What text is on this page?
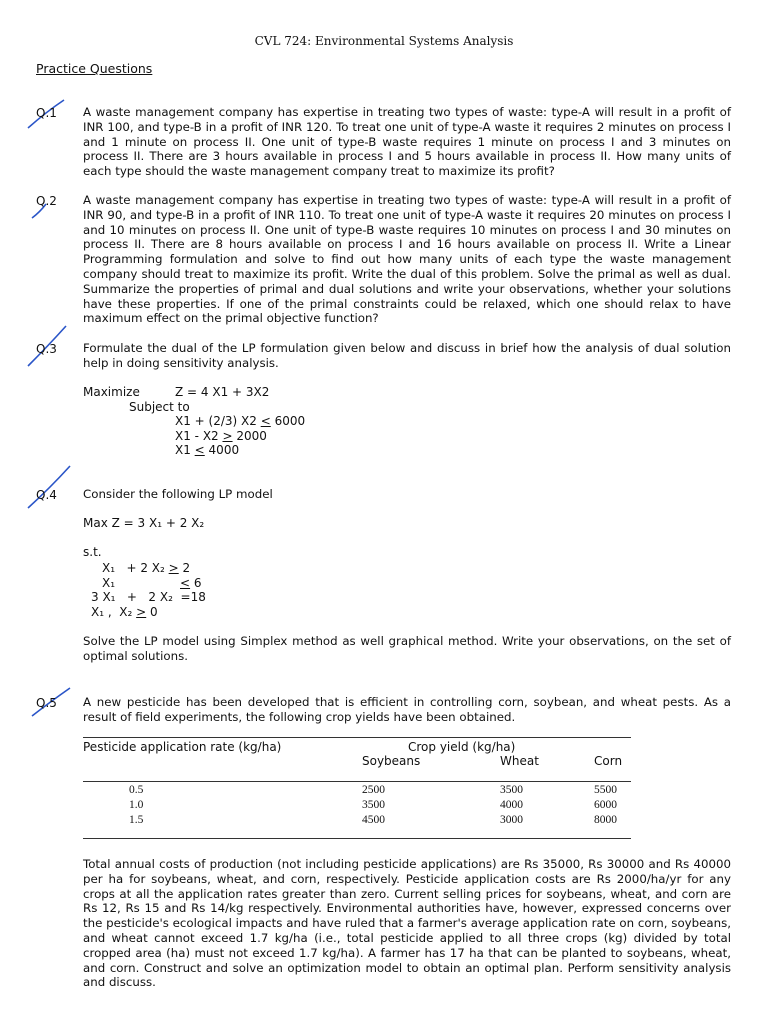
CVL 724: Environmental Systems Analysis
Practice Questions
Q.1 A waste management company has expertise in treating two types of waste: type-A will result in a profit of INR 100, and type-B in a profit of INR 120. To treat one unit of type-A waste it requires 2 minutes on process I and 1 minute on process II. One unit of type-B waste requires 1 minute on process I and 3 minutes on process II. There are 3 hours available in process I and 5 hours available in process II. How many units of each type should the waste management company treat to maximize its profit?
Q.2 A waste management company has expertise in treating two types of waste: type-A will result in a profit of INR 90, and type-B in a profit of INR 110. To treat one unit of type-A waste it requires 20 minutes on process I and 10 minutes on process II. One unit of type-B waste requires 10 minutes on process I and 30 minutes on process II. There are 8 hours available on process I and 16 hours available on process II. Write a Linear Programming formulation and solve to find out how many units of each type the waste management company should treat to maximize its profit. Write the dual of this problem. Solve the primal as well as dual. Summarize the properties of primal and dual solutions and write your observations, whether your solutions have these properties. If one of the primal constraints could be relaxed, which one should relax to have maximum effect on the primal objective function?
Q.3 Formulate the dual of the LP formulation given below and discuss in brief how the analysis of dual solution help in doing sensitivity analysis.
Maximize	Z = 4 X1 + 3X2
Subject to
X1 + (2/3) X2 < 6000
X1 - X2 > 2000
X1 < 4000
Q.4 Consider the following LP model
Max Z = 3 X₁ + 2 X₂
s.t.
X₁   + 2 X₂ > 2
X₁	< 6
3 X₁   +   2 X₂  =18
X₁ ,  X₂ > 0
Solve the LP model using Simplex method as well graphical method. Write your observations, on the set of optimal solutions.
Q.5 A new pesticide has been developed that is efficient in controlling corn, soybean, and wheat pests. As a result of field experiments, the following crop yields have been obtained.
Pesticide application rate (kg/ha)	Crop yield (kg/ha)
Soybeans	Wheat	Corn
0.5	2500	3500	5500
1.0	3500	4000	6000
1.5	4500	3000	8000
Total annual costs of production (not including pesticide applications) are Rs 35000, Rs 30000 and Rs 40000 per ha for soybeans, wheat, and corn, respectively. Pesticide application costs are Rs 2000/ha/yr for any crops at all the application rates greater than zero. Current selling prices for soybeans, wheat, and corn are Rs 12, Rs 15 and Rs 14/kg respectively. Environmental authorities have, however, expressed concerns over the pesticide's ecological impacts and have ruled that a farmer's average application rate on corn, soybeans, and wheat cannot exceed 1.7 kg/ha (i.e., total pesticide applied to all three crops (kg) divided by total cropped area (ha) must not exceed 1.7 kg/ha). A farmer has 17 ha that can be planted to soybeans, wheat, and corn. Construct and solve an optimization model to obtain an optimal plan. Perform sensitivity analysis and discuss.
